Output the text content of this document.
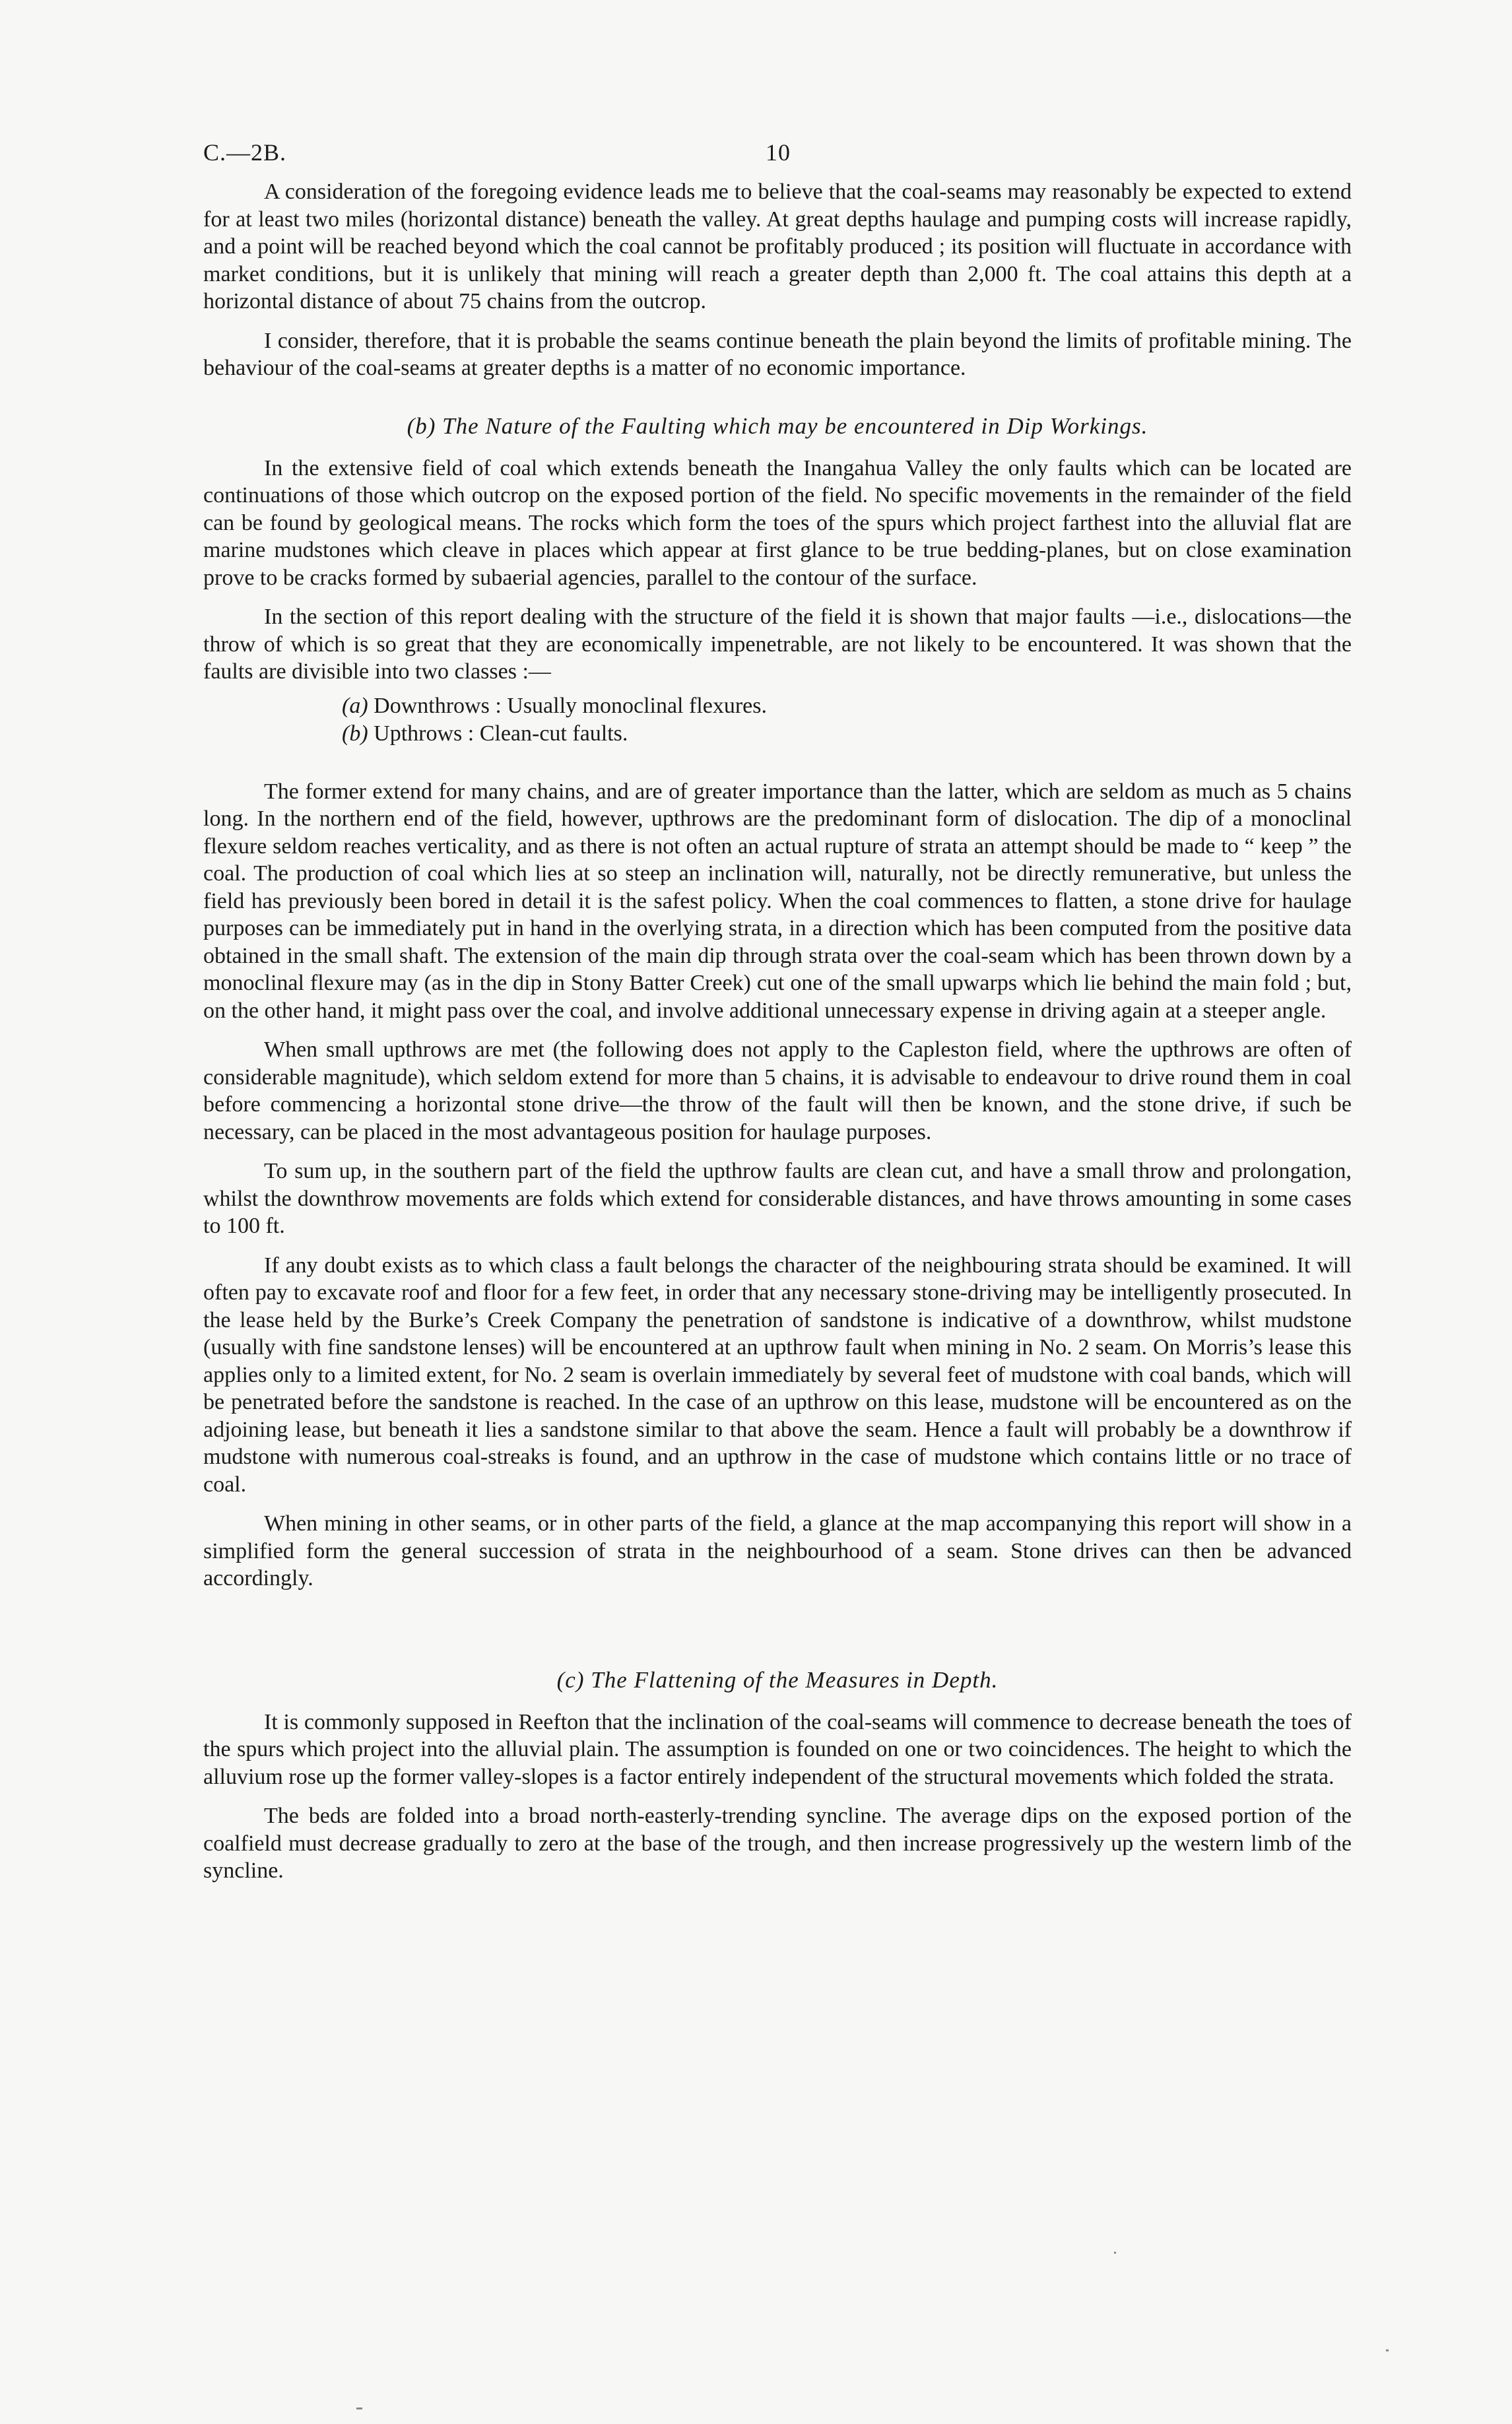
C.—2B.	10

A consideration of the foregoing evidence leads me to believe that the coal-seams may reasonably be expected to extend for at least two miles (horizontal distance) beneath the valley. At great depths haulage and pumping costs will increase rapidly, and a point will be reached beyond which the coal cannot be profitably produced ; its position will fluctuate in accordance with market conditions, but it is unlikely that mining will reach a greater depth than 2,000 ft. The coal attains this depth at a horizontal distance of about 75 chains from the outcrop.

I consider, therefore, that it is probable the seams continue beneath the plain beyond the limits of profitable mining. The behaviour of the coal-seams at greater depths is a matter of no economic importance.

(b) The Nature of the Faulting which may be encountered in Dip Workings.

In the extensive field of coal which extends beneath the Inangahua Valley the only faults which can be located are continuations of those which outcrop on the exposed portion of the field. No specific movements in the remainder of the field can be found by geological means. The rocks which form the toes of the spurs which project farthest into the alluvial flat are marine mudstones which cleave in places which appear at first glance to be true bedding-planes, but on close examination prove to be cracks formed by subaerial agencies, parallel to the contour of the surface.

In the section of this report dealing with the structure of the field it is shown that major faults —i.e., dislocations—the throw of which is so great that they are economically impenetrable, are not likely to be encountered. It was shown that the faults are divisible into two classes :—

(a) Downthrows : Usually monoclinal flexures.
(b) Upthrows : Clean-cut faults.

The former extend for many chains, and are of greater importance than the latter, which are seldom as much as 5 chains long. In the northern end of the field, however, upthrows are the predominant form of dislocation. The dip of a monoclinal flexure seldom reaches verticality, and as there is not often an actual rupture of strata an attempt should be made to “ keep ” the coal. The production of coal which lies at so steep an inclination will, naturally, not be directly remunerative, but unless the field has previously been bored in detail it is the safest policy. When the coal commences to flatten, a stone drive for haulage purposes can be immediately put in hand in the overlying strata, in a direction which has been computed from the positive data obtained in the small shaft. The extension of the main dip through strata over the coal-seam which has been thrown down by a monoclinal flexure may (as in the dip in Stony Batter Creek) cut one of the small upwarps which lie behind the main fold ; but, on the other hand, it might pass over the coal, and involve additional unnecessary expense in driving again at a steeper angle.

When small upthrows are met (the following does not apply to the Capleston field, where the upthrows are often of considerable magnitude), which seldom extend for more than 5 chains, it is advisable to endeavour to drive round them in coal before commencing a horizontal stone drive—the throw of the fault will then be known, and the stone drive, if such be necessary, can be placed in the most advantageous position for haulage purposes.

To sum up, in the southern part of the field the upthrow faults are clean cut, and have a small throw and prolongation, whilst the downthrow movements are folds which extend for considerable distances, and have throws amounting in some cases to 100 ft.

If any doubt exists as to which class a fault belongs the character of the neighbouring strata should be examined. It will often pay to excavate roof and floor for a few feet, in order that any necessary stone-driving may be intelligently prosecuted. In the lease held by the Burke’s Creek Company the penetration of sandstone is indicative of a downthrow, whilst mudstone (usually with fine sandstone lenses) will be encountered at an upthrow fault when mining in No. 2 seam. On Morris’s lease this applies only to a limited extent, for No. 2 seam is overlain immediately by several feet of mudstone with coal bands, which will be penetrated before the sandstone is reached. In the case of an upthrow on this lease, mudstone will be encountered as on the adjoining lease, but beneath it lies a sandstone similar to that above the seam. Hence a fault will probably be a downthrow if mudstone with numerous coal-streaks is found, and an upthrow in the case of mudstone which contains little or no trace of coal.

When mining in other seams, or in other parts of the field, a glance at the map accompanying this report will show in a simplified form the general succession of strata in the neighbourhood of a seam. Stone drives can then be advanced accordingly.

(c) The Flattening of the Measures in Depth.

It is commonly supposed in Reefton that the inclination of the coal-seams will commence to decrease beneath the toes of the spurs which project into the alluvial plain. The assumption is founded on one or two coincidences. The height to which the alluvium rose up the former valley-slopes is a factor entirely independent of the structural movements which folded the strata.

The beds are folded into a broad north-easterly-trending syncline. The average dips on the exposed portion of the coalfield must decrease gradually to zero at the base of the trough, and then increase progressively up the western limb of the syncline.
